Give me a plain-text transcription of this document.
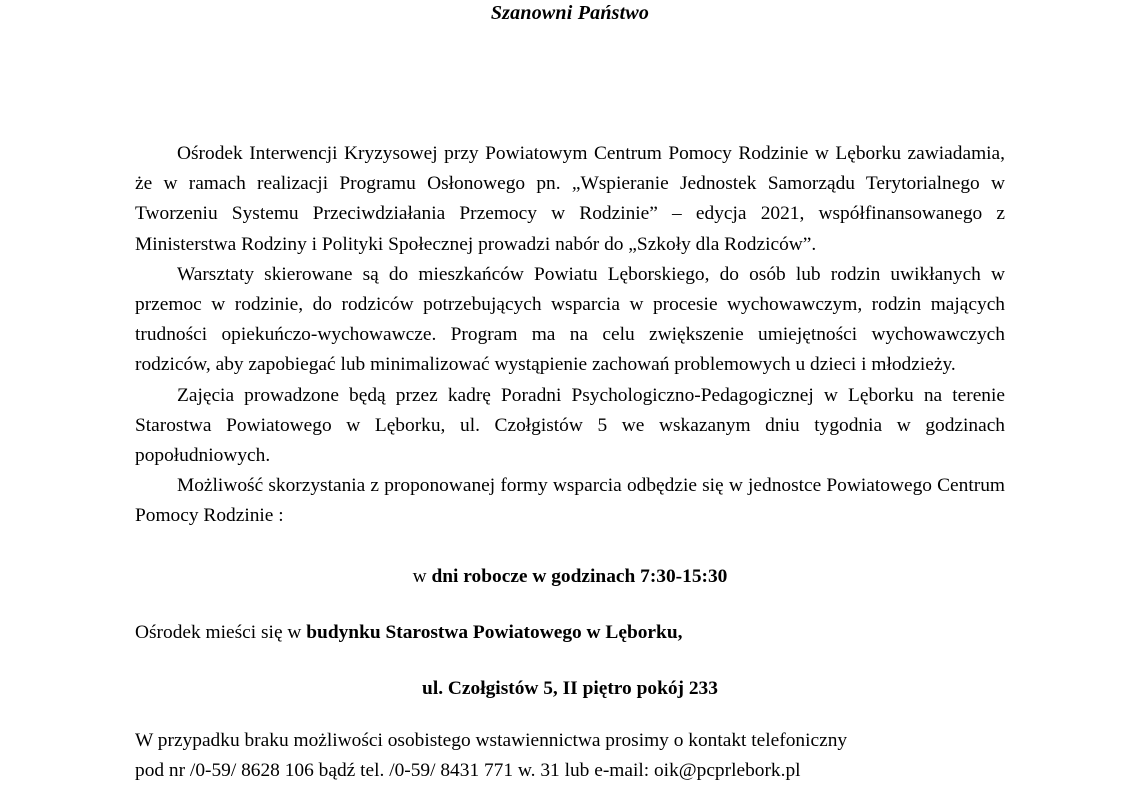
Szanowni Państwo

Ośrodek Interwencji Kryzysowej przy Powiatowym Centrum Pomocy Rodzinie w Lęborku zawiadamia, że w ramach realizacji Programu Osłonowego pn. „Wspieranie Jednostek Samorządu Terytorialnego w Tworzeniu Systemu Przeciwdziałania Przemocy w Rodzinie” – edycja 2021, współfinansowanego z Ministerstwa Rodziny i Polityki Społecznej prowadzi nabór do „Szkoły dla Rodziców”.

Warsztaty skierowane są do mieszkańców Powiatu Lęborskiego, do osób lub rodzin uwikłanych w przemoc w rodzinie, do rodziców potrzebujących wsparcia w procesie wychowawczym, rodzin mających trudności opiekuńczo-wychowawcze. Program ma na celu zwiększenie umiejętności wychowawczych rodziców, aby zapobiegać lub minimalizować wystąpienie zachowań problemowych u dzieci i młodzieży.

Zajęcia prowadzone będą przez kadrę Poradni Psychologiczno-Pedagogicznej w Lęborku na terenie Starostwa Powiatowego w Lęborku, ul. Czołgistów 5 we wskazanym dniu tygodnia w godzinach popołudniowych.

Możliwość skorzystania z proponowanej formy wsparcia odbędzie się w jednostce Powiatowego Centrum Pomocy Rodzinie :

w dni robocze w godzinach 7:30-15:30

Ośrodek mieści się w budynku Starostwa Powiatowego w Lęborku,

ul. Czołgistów 5, II piętro pokój 233

W przypadku braku możliwości osobistego wstawiennictwa prosimy o kontakt telefoniczny

pod nr /0-59/ 8628 106 bądź tel. /0-59/ 8431 771 w. 31 lub e-mail: oik@pcprlebork.pl
